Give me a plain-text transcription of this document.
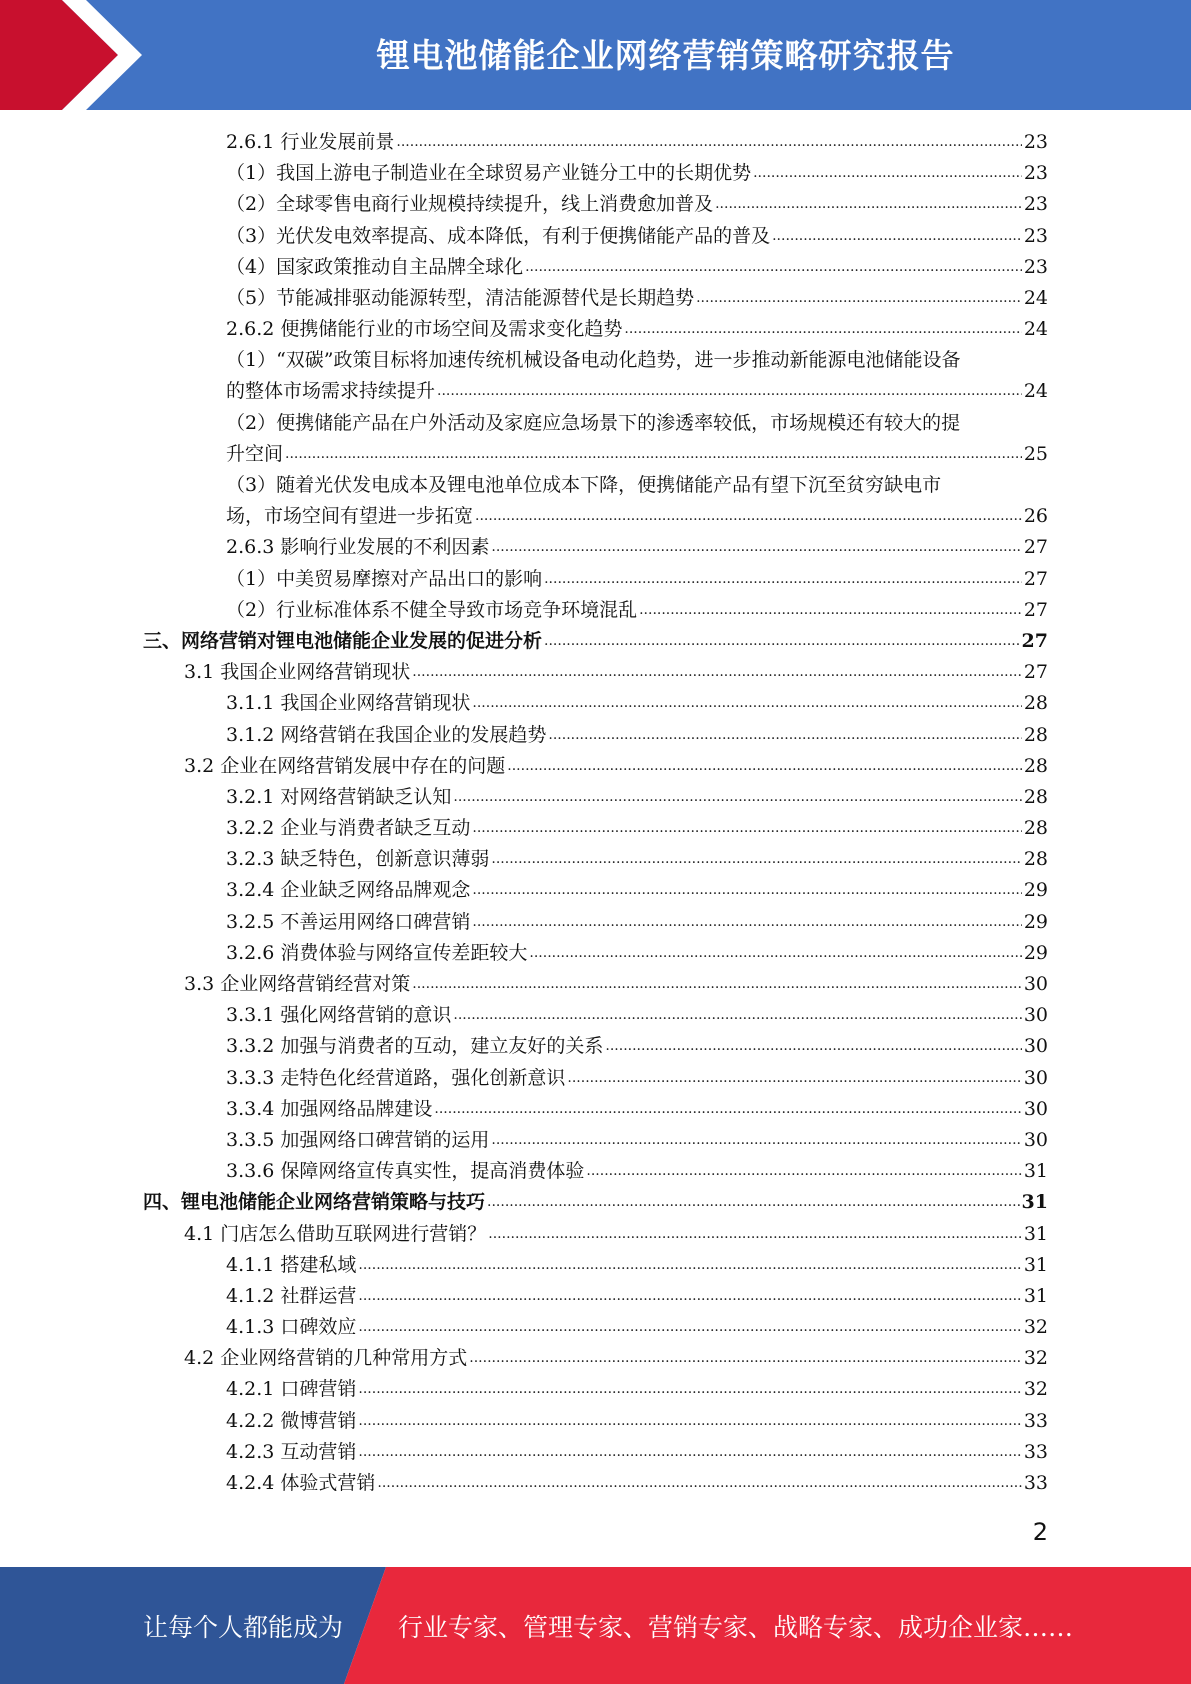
锂电池储能企业网络营销策略研究报告
2.6.1 行业发展前景 .....	23
（1）我国上游电子制造业在全球贸易产业链分工中的长期优势 .....	23
（2）全球零售电商行业规模持续提升，线上消费愈加普及 .....	23
（3）光伏发电效率提高、成本降低，有利于便携储能产品的普及 .....	23
（4）国家政策推动自主品牌全球化 .....	23
（5）节能减排驱动能源转型，清洁能源替代是长期趋势 .....	24
2.6.2 便携储能行业的市场空间及需求变化趋势 .....	24
（1）“双碳”政策目标将加速传统机械设备电动化趋势，进一步推动新能源电池储能设备
的整体市场需求持续提升 .....	24
（2）便携储能产品在户外活动及家庭应急场景下的渗透率较低，市场规模还有较大的提
升空间 .....	25
（3）随着光伏发电成本及锂电池单位成本下降，便携储能产品有望下沉至贫穷缺电市
场，市场空间有望进一步拓宽 .....	26
2.6.3 影响行业发展的不利因素 .....	27
（1）中美贸易摩擦对产品出口的影响 .....	27
（2）行业标准体系不健全导致市场竞争环境混乱 .....	27
三、网络营销对锂电池储能企业发展的促进分析 .....	27
3.1 我国企业网络营销现状 .....	27
3.1.1 我国企业网络营销现状 .....	28
3.1.2 网络营销在我国企业的发展趋势 .....	28
3.2 企业在网络营销发展中存在的问题 .....	28
3.2.1 对网络营销缺乏认知 .....	28
3.2.2 企业与消费者缺乏互动 .....	28
3.2.3 缺乏特色，创新意识薄弱 .....	28
3.2.4 企业缺乏网络品牌观念 .....	29
3.2.5 不善运用网络口碑营销 .....	29
3.2.6 消费体验与网络宣传差距较大 .....	29
3.3 企业网络营销经营对策 .....	30
3.3.1 强化网络营销的意识 .....	30
3.3.2 加强与消费者的互动，建立友好的关系 .....	30
3.3.3 走特色化经营道路，强化创新意识 .....	30
3.3.4 加强网络品牌建设 .....	30
3.3.5 加强网络口碑营销的运用 .....	30
3.3.6 保障网络宣传真实性，提高消费体验 .....	31
四、锂电池储能企业网络营销策略与技巧 .....	31
4.1 门店怎么借助互联网进行营销？ .....	31
4.1.1 搭建私域 .....	31
4.1.2 社群运营 .....	31
4.1.3 口碑效应 .....	32
4.2 企业网络营销的几种常用方式 .....	32
4.2.1 口碑营销 .....	32
4.2.2 微博营销 .....	33
4.2.3 互动营销 .....	33
4.2.4 体验式营销 .....	33
2
让每个人都能成为 行业专家、管理专家、营销专家、战略专家、成功企业家……
